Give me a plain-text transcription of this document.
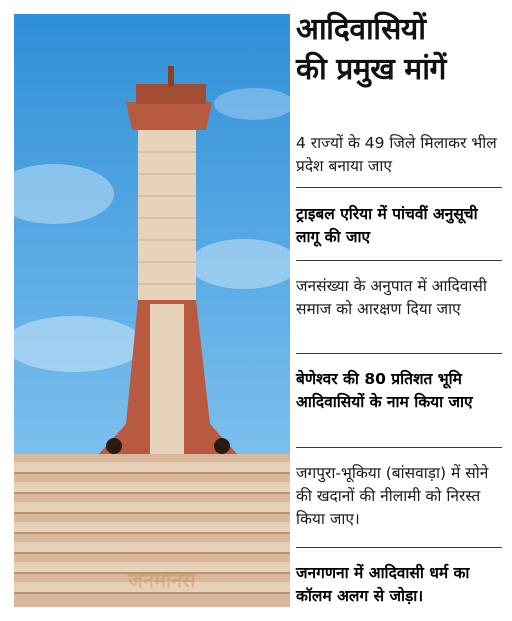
आदिवासियों
की प्रमुख मांगें
4 राज्यों के 49 जिले मिलाकर भील प्रदेश बनाया जाए
ट्राइबल एरिया में पांचवीं अनुसूची लागू की जाए
जनसंख्या के अनुपात में आदिवासी समाज को आरक्षण दिया जाए
बेणेश्वर की 80 प्रतिशत भूमि आदिवासियों के नाम किया जाए
जगपुरा-भूकिया (बांसवाड़ा) में सोने की खदानों की नीलामी को निरस्त किया जाए।
जनगणना में आदिवासी धर्म का कॉलम अलग से जोड़ा।
जनमानस
